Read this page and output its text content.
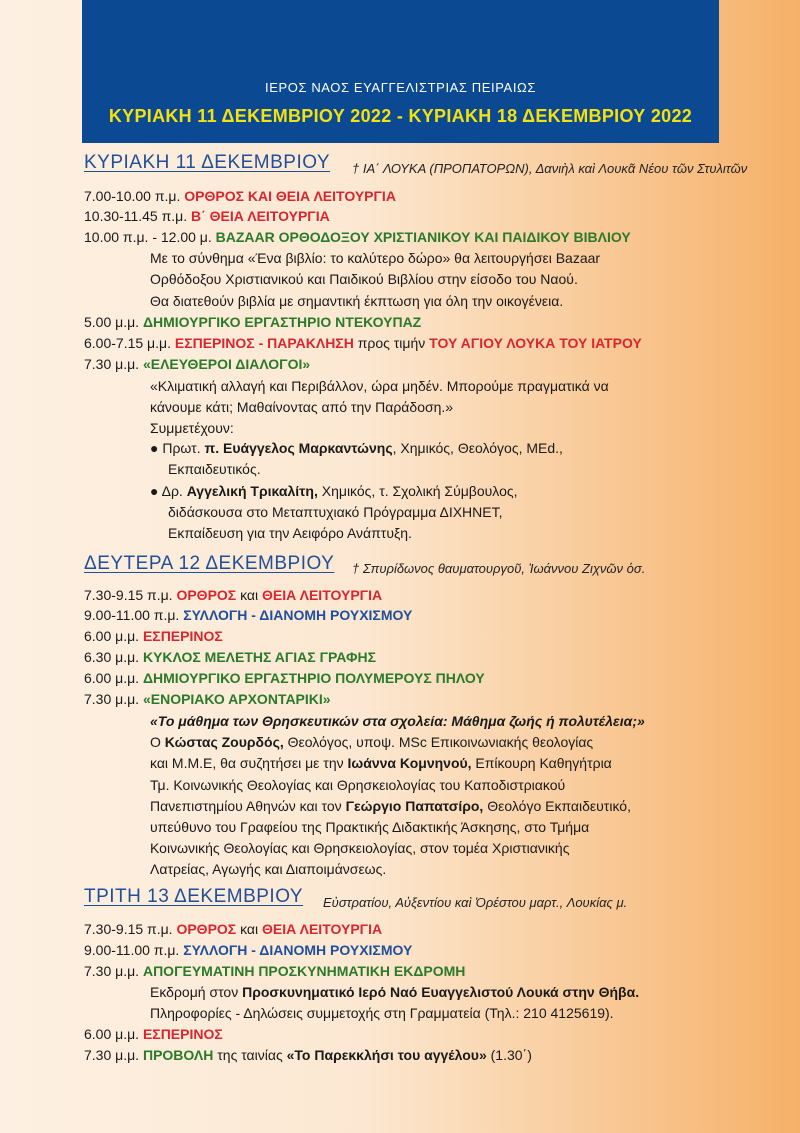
ΙΕΡΟΣ ΝΑΟΣ ΕΥΑΓΓΕΛΙΣΤΡΙΑΣ ΠΕΙΡΑΙΩΣ
ΚΥΡΙΑΚΗ 11 ΔΕΚΕΜΒΡΙΟΥ 2022 - ΚΥΡΙΑΚΗ 18 ΔΕΚΕΜΒΡΙΟΥ 2022
ΚΥΡΙΑΚΗ 11 ΔΕΚΕΜΒΡΙΟΥ † ΙΑ΄ ΛΟΥΚΑ (ΠΡΟΠΑΤΟΡΩΝ), Δανιὴλ καὶ Λουκᾶ Νέου τῶν Στυλιτῶν
7.00-10.00 π.μ. ΟΡΘΡΟΣ ΚΑΙ ΘΕΙΑ ΛΕΙΤΟΥΡΓΙΑ
10.30-11.45 π.μ. Β΄ ΘΕΙΑ ΛΕΙΤΟΥΡΓΙΑ
10.00 π.μ. - 12.00 μ. BAZAAR ΟΡΘΟΔΟΞΟΥ ΧΡΙΣΤΙΑΝΙΚΟΥ ΚΑΙ ΠΑΙΔΙΚΟΥ ΒΙΒΛΙΟΥ
Με το σύνθημα «Ένα βιβλίο: το καλύτερο δώρο» θα λειτουργήσει Bazaar
Ορθόδοξου Χριστιανικού και Παιδικού Βιβλίου στην είσοδο του Ναού.
Θα διατεθούν βιβλία με σημαντική έκπτωση για όλη την οικογένεια.
5.00 μ.μ. ΔΗΜΙΟΥΡΓΙΚΟ ΕΡΓΑΣΤΗΡΙΟ ΝΤΕΚΟΥΠΑΖ
6.00-7.15 μ.μ. ΕΣΠΕΡΙΝΟΣ - ΠΑΡΑΚΛΗΣΗ προς τιμήν ΤΟΥ ΑΓΙΟΥ ΛΟΥΚΑ ΤΟΥ ΙΑΤΡΟΥ
7.30 μ.μ. «ΕΛΕΥΘΕΡΟΙ ΔΙΑΛΟΓΟΙ»
«Κλιματική αλλαγή και Περιβάλλον, ώρα μηδέν. Μπορούμε πραγματικά να
κάνουμε κάτι; Μαθαίνοντας από την Παράδοση.»
Συμμετέχουν:
● Πρωτ. π. Ευάγγελος Μαρκαντώνης, Χημικός, Θεολόγος, MEd.,
Εκπαιδευτικός.
● Δρ. Αγγελική Τρικαλίτη, Χημικός, τ. Σχολική Σύμβουλος,
διδάσκουσα στο Μεταπτυχιακό Πρόγραμμα ΔΙΧΗΝΕΤ,
Εκπαίδευση για την Αειφόρο Ανάπτυξη.
ΔΕΥΤΕΡΑ 12 ΔΕΚΕΜΒΡΙΟΥ † Σπυρίδωνος θαυματουργοῦ, Ἰωάννου Ζιχνῶν ὁσ.
7.30-9.15 π.μ. ΟΡΘΡΟΣ και ΘΕΙΑ ΛΕΙΤΟΥΡΓΙΑ
9.00-11.00 π.μ. ΣΥΛΛΟΓΗ - ΔΙΑΝΟΜΗ ΡΟΥΧΙΣΜΟΥ
6.00 μ.μ. ΕΣΠΕΡΙΝΟΣ
6.30 μ.μ. ΚΥΚΛΟΣ ΜΕΛΕΤΗΣ ΑΓΙΑΣ ΓΡΑΦΗΣ
6.00 μ.μ. ΔΗΜΙΟΥΡΓΙΚΟ ΕΡΓΑΣΤΗΡΙΟ ΠΟΛΥΜΕΡΟΥΣ ΠΗΛΟΥ
7.30 μ.μ. «ΕΝΟΡΙΑΚΟ ΑΡΧΟΝΤΑΡΙΚΙ»
«Το μάθημα των Θρησκευτικών στα σχολεία: Μάθημα ζωής ή πολυτέλεια;»
Ο Κώστας Ζουρδός, Θεολόγος, υποψ. MSc Επικοινωνιακής θεολογίας
και Μ.Μ.Ε, θα συζητήσει με την Ιωάννα Κομνηνού, Επίκουρη Καθηγήτρια
Τμ. Κοινωνικής Θεολογίας και Θρησκειολογίας του Καποδιστριακού
Πανεπιστημίου Αθηνών και τον Γεώργιο Παπατσίρο, Θεολόγο Εκπαιδευτικό,
υπεύθυνο του Γραφείου της Πρακτικής Διδακτικής Άσκησης, στο Τμήμα
Κοινωνικής Θεολογίας και Θρησκειολογίας, στον τομέα Χριστιανικής
Λατρείας, Αγωγής και Διαποιμάνσεως.
ΤΡΙΤΗ 13 ΔΕΚΕΜΒΡΙΟΥ Εὐστρατίου, Αὐξεντίου καὶ Ὀρέστου μαρτ., Λουκίας μ.
7.30-9.15 π.μ. ΟΡΘΡΟΣ και ΘΕΙΑ ΛΕΙΤΟΥΡΓΙΑ
9.00-11.00 π.μ. ΣΥΛΛΟΓΗ - ΔΙΑΝΟΜΗ ΡΟΥΧΙΣΜΟΥ
7.30 μ.μ. ΑΠΟΓΕΥΜΑΤΙΝΗ ΠΡΟΣΚΥΝΗΜΑΤΙΚΗ ΕΚΔΡΟΜΗ
Εκδρομή στον Προσκυνηματικό Ιερό Ναό Ευαγγελιστού Λουκά στην Θήβα.
Πληροφορίες - Δηλώσεις συμμετοχής στη Γραμματεία (Τηλ.: 210 4125619).
6.00 μ.μ. ΕΣΠΕΡΙΝΟΣ
7.30 μ.μ. ΠΡΟΒΟΛΗ της ταινίας «Το Παρεκκλήσι του αγγέλου» (1.30΄)
